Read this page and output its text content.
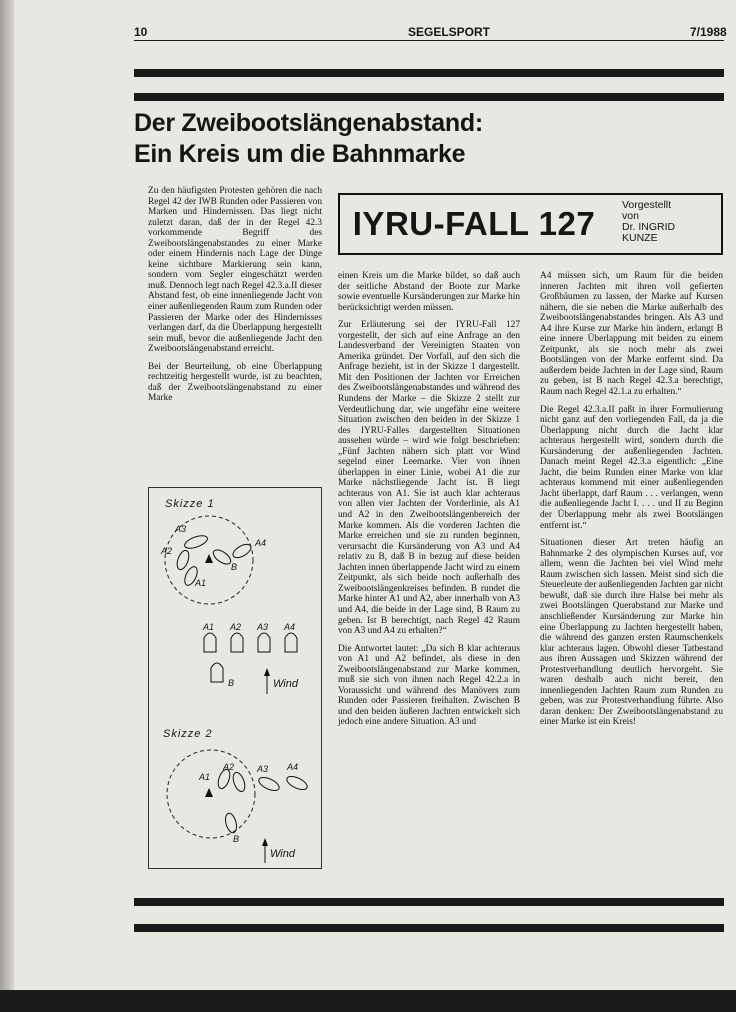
10	SEGELSPORT	7/1988
Der Zweibootslängenabstand:
Ein Kreis um die Bahnmarke
IYRU-FALL 127	Vorgestellt
von
Dr. INGRID
KUNZE

Zu den häufigsten Protesten gehören die nach Regel 42 der IWB Runden oder Passieren von Marken und Hindernissen. Das liegt nicht zuletzt daran, daß der in der Regel 42.3 vorkommende Begriff des Zweibootslängenabstandes zu einer Marke oder einem Hindernis nach Lage der Dinge keine sichtbare Markierung sein kann, sondern vom Segler eingeschätzt werden muß. Dennoch legt nach Regel 42.3.a.II dieser Abstand fest, ob eine innenliegende Jacht von einer außenliegenden Raum zum Runden oder Passieren der Marke oder des Hindernisses verlangen darf, da die Überlappung hergestellt sein muß, bevor die außenliegende Jacht den Zweibootslängenabstand erreicht.

Bei der Beurteilung, ob eine Überlappung rechtzeitig hergestellt wurde, ist zu beachten, daß der Zweibootslängenabstand zu einer Marke

einen Kreis um die Marke bildet, so daß auch der seitliche Abstand der Boote zur Marke sowie eventuelle Kursänderungen zur Marke hin berücksichtigt werden müssen.

Zur Erläuterung sei der IYRU-Fall 127 vorgestellt, der sich auf eine Anfrage an den Landesverband der Vereinigten Staaten von Amerika gründet. Der Vorfall, auf den sich die Anfrage bezieht, ist in der Skizze 1 dargestellt. Mit den Positionen der Jachten vor Erreichen des Zweibootslängenabstandes und während des Rundens der Marke – die Skizze 2 stellt zur Verdeutlichung dar, wie ungefähr eine weitere Situation zwischen den beiden in der Skizze 1 des IYRU-Falles dargestellten Situationen aussehen würde – wird wie folgt beschrieben: „Fünf Jachten nähern sich platt vor Wind segelnd einer Leemarke. Vier von ihnen überlappen in einer Linie, wobei A1 die zur Marke nächstliegende Jacht ist. B liegt achteraus von A1. Sie ist auch klar achteraus von allen vier Jachten der Vorderlinie, als A1 und A2 in den Zweibootslängenbereich der Marke kommen. Als die vorderen Jachten die Marke erreichen und sie zu runden beginnen, verursacht die Kursänderung von A3 und A4 relativ zu B, daß B in bezug auf diese beiden Jachten innen überlappende Jacht wird zu einem Zeitpunkt, als sich beide noch außerhalb des Zweibootslängenkreises befinden. B rundet die Marke hinter A1 und A2, aber innerhalb von A3 und A4, die beide in der Lage sind, B Raum zu geben. Ist B berechtigt, nach Regel 42 Raum von A3 und A4 zu erhalten?“

Die Antwortet lautet: „Da sich B klar achteraus von A1 und A2 befindet, als diese in den Zweibootslängenabstand zur Marke kommen, muß sie sich von ihnen nach Regel 42.2.a in Voraussicht und während des Manövers zum Runden oder Passieren freihalten. Zwischen B und den beiden äußeren Jachten entwickelt sich jedoch eine andere Situation. A3 und

A4 müssen sich, um Raum für die beiden inneren Jachten mit ihren voll gefierten Großbäumen zu lassen, der Marke auf Kursen nähern, die sie neben die Marke außerhalb des Zweibootslängenabstandes bringen. Als A3 und A4 ihre Kurse zur Marke hin ändern, erlangt B eine innere Überlappung mit beiden zu einem Zeitpunkt, als sie noch mehr als zwei Bootslängen von der Marke entfernt sind. Da außerdem beide Jachten in der Lage sind, Raum zu geben, ist B nach Regel 42.3.a berechtigt, Raum nach Regel 42.1.a zu erhalten.“

Die Regel 42.3.a.II paßt in ihrer Formulierung nicht ganz auf den vorliegenden Fall, da ja die Überlappung nicht durch die Jacht klar achteraus hergestellt wird, sondern durch die Kursänderung der außenliegenden Jachten. Danach meint Regel 42.3.a eigentlich: „Eine Jacht, die beim Runden einer Marke von klar achteraus kommend mit einer außenliegenden Jacht überlappt, darf Raum . . . verlangen, wenn die außenliegende Jacht I. . . . und II zu Beginn der Überlappung mehr als zwei Bootslängen entfernt ist.“

Situationen dieser Art treten häufig an Bahnmarke 2 des olympischen Kurses auf, vor allem, wenn die Jachten bei viel Wind mehr Raum zwischen sich lassen. Meist sind sich die Steuerleute der außenliegenden Jachten gar nicht bewußt, daß sie durch ihre Halse bei mehr als zwei Bootslängen Querabstand zur Marke und anschließender Kursänderung zur Marke hin eine Überlappung zu Jachten hergestellt haben, die während des ganzen ersten Raumschenkels klar achteraus lagen. Obwohl dieser Tatbestand aus ihren Aussagen und Skizzen während der Protestverhandlung deutlich hervorgeht. Sie waren deshalb auch nicht bereit, den innenliegenden Jachten Raum zum Runden zu geben, was zur Protestverhandlung führte. Also daran denken: Der Zweibootslängenabstand zu einer Marke ist ein Kreis!

Skizze 1
A3
A4
A2
A1
B
A1 A2 A3 A4
B	Wind
Skizze 2
A1
A2	A3 A4
B
Wind
